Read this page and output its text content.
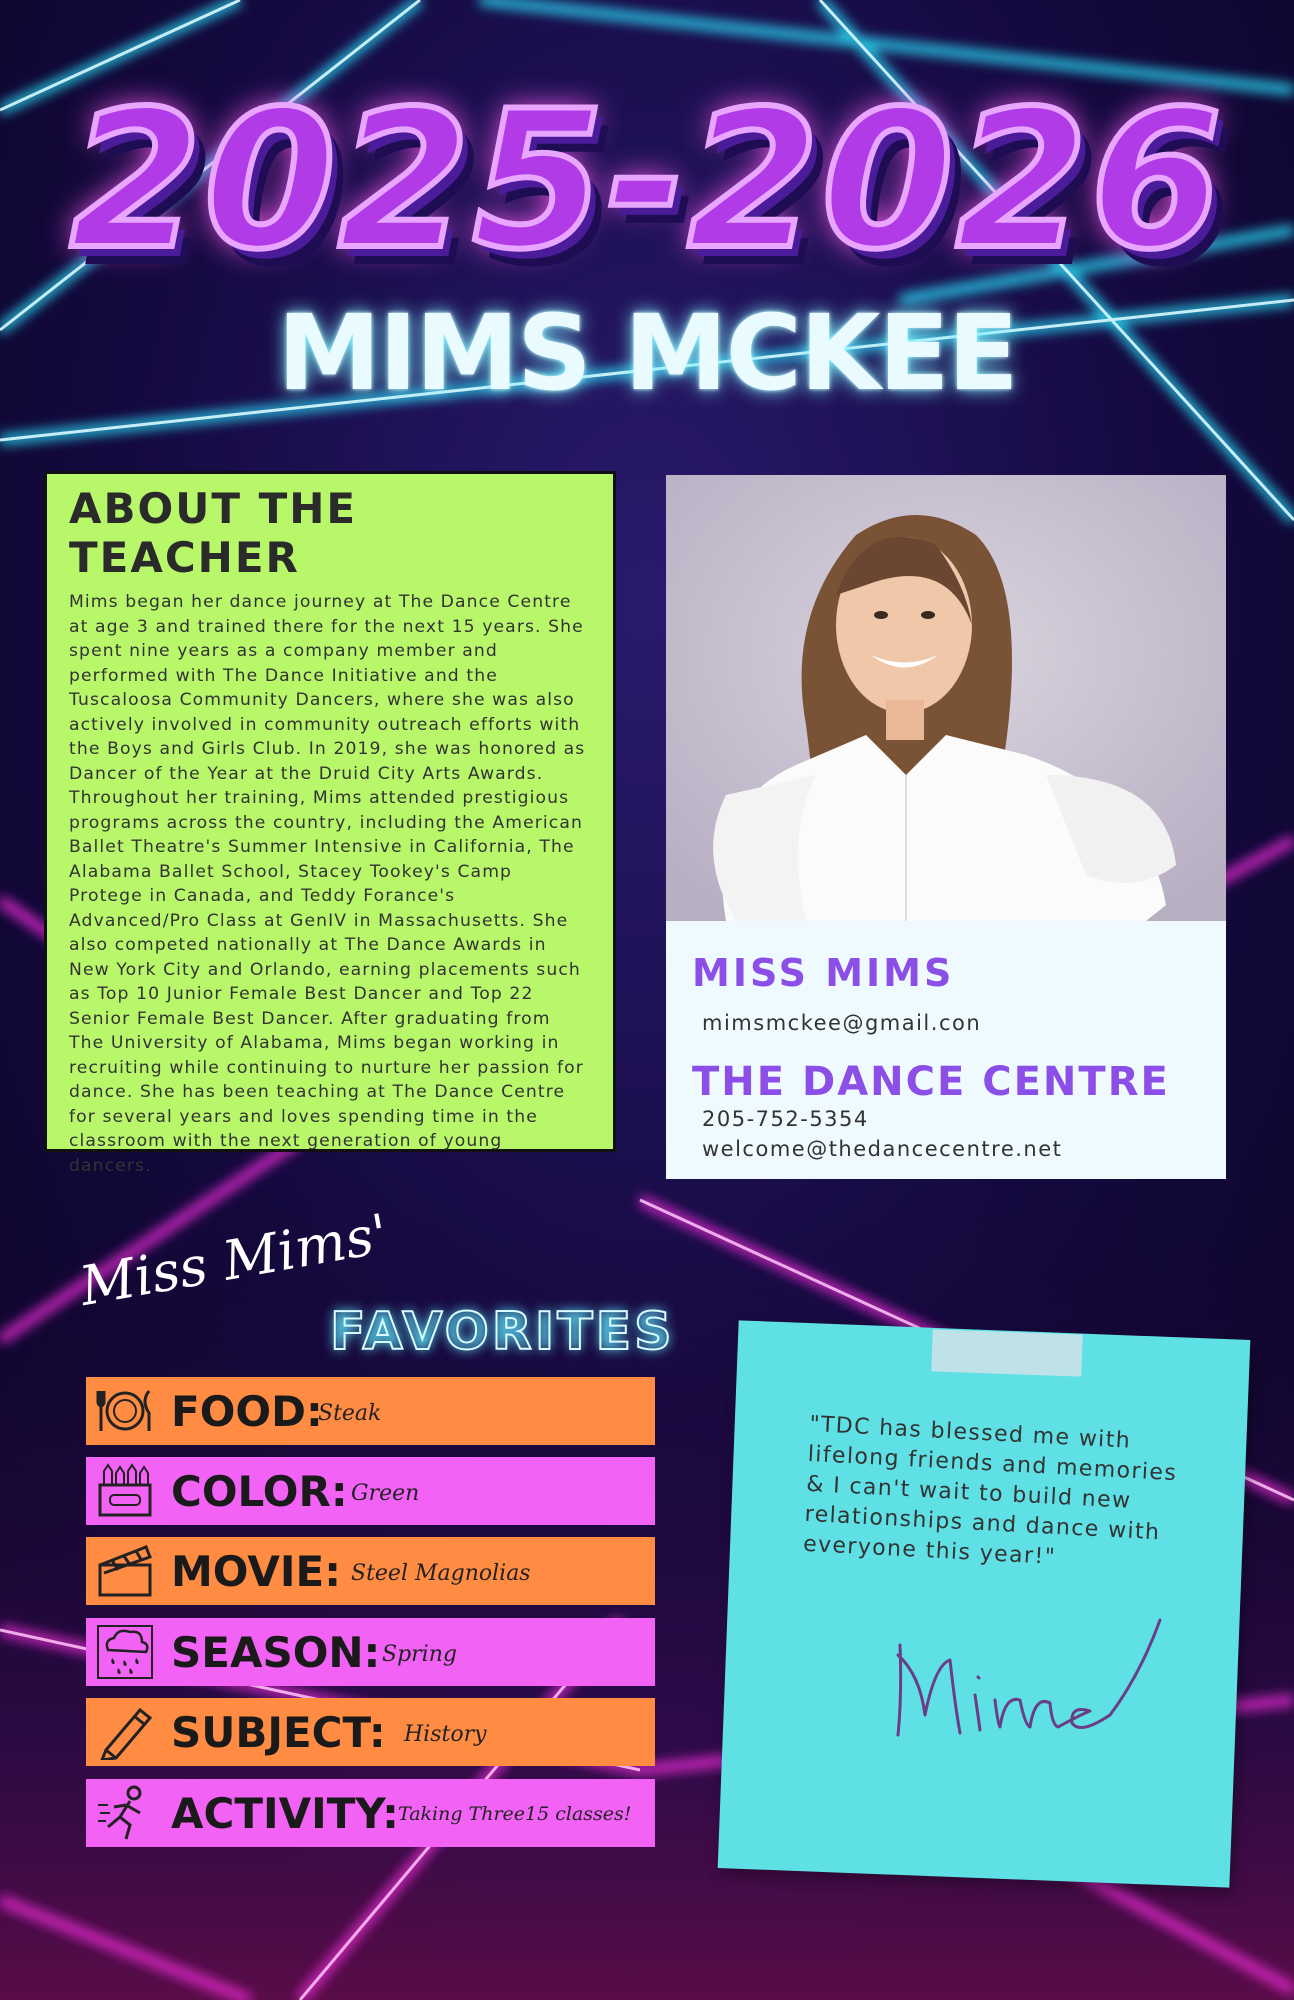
2025-2026
MIMS MCKEE
ABOUT THE TEACHER

Mims began her dance journey at The Dance Centre at age 3 and trained there for the next 15 years. She spent nine years as a company member and performed with The Dance Initiative and the Tuscaloosa Community Dancers, where she was also actively involved in community outreach efforts with the Boys and Girls Club. In 2019, she was honored as Dancer of the Year at the Druid City Arts Awards. Throughout her training, Mims attended prestigious programs across the country, including the American Ballet Theatre's Summer Intensive in California, The Alabama Ballet School, Stacey Tookey's Camp Protege in Canada, and Teddy Forance's Advanced/Pro Class at GenIV in Massachusetts. She also competed nationally at The Dance Awards in New York City and Orlando, earning placements such as Top 10 Junior Female Best Dancer and Top 22 Senior Female Best Dancer. After graduating from The University of Alabama, Mims began working in recruiting while continuing to nurture her passion for dance. She has been teaching at The Dance Centre for several years and loves spending time in the classroom with the next generation of young dancers.

MISS MIMS
mimsmckee@gmail.con
THE DANCE CENTRE
205-752-5354
welcome@thedancecentre.net
Miss Mims'
FAVORITES
FOOD:
Steak
COLOR: Green
MOVIE: Steel Magnolias
SEASON: Spring
SUBJECT: History
ACTIVITY: Taking Three15 classes!
"TDC has blessed me with lifelong friends and memories & I can't wait to build new relationships and dance with everyone this year!"
